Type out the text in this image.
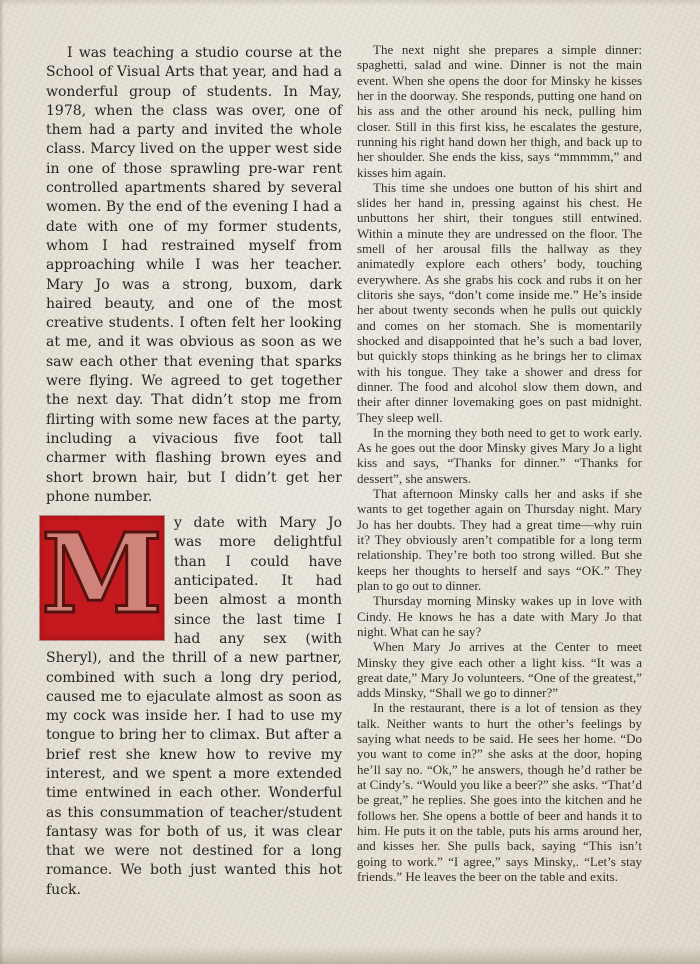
I was teaching a studio course at the School of Visual Arts that year, and had a wonderful group of students. In May, 1978, when the class was over, one of them had a party and invited the whole class. Marcy lived on the upper west side in one of those sprawling pre-war rent controlled apartments shared by several women. By the end of the evening I had a date with one of my former students, whom I had restrained myself from approaching while I was her teacher. Mary Jo was a strong, buxom, dark haired beauty, and one of the most creative students. I often felt her looking at me, and it was obvious as soon as we saw each other that evening that sparks were flying. We agreed to get together the next day. That didn’t stop me from flirting with some new faces at the party, including a vivacious five foot tall charmer with flashing brown eyes and short brown hair, but I didn’t get her phone number.

M y date with Mary Jo was more delightful than I could have anticipated. It had been almost a month since the last time I had any sex (with Sheryl), and the thrill of a new partner, combined with such a long dry period, caused me to ejaculate almost as soon as my cock was inside her. I had to use my tongue to bring her to climax. But after a brief rest she knew how to revive my interest, and we spent a more extended time entwined in each other. Wonderful as this consummation of teacher/student fantasy was for both of us, it was clear that we were not destined for a long romance. We both just wanted this hot fuck.

The next night she prepares a simple dinner: spaghetti, salad and wine. Dinner is not the main event. When she opens the door for Minsky he kisses her in the doorway. She responds, putting one hand on his ass and the other around his neck, pulling him closer. Still in this first kiss, he escalates the gesture, running his right hand down her thigh, and back up to her shoulder. She ends the kiss, says “mmmmm,” and kisses him again.

This time she undoes one button of his shirt and slides her hand in, pressing against his chest. He unbuttons her shirt, their tongues still entwined. Within a minute they are undressed on the floor. The smell of her arousal fills the hallway as they animatedly explore each others’ body, touching everywhere. As she grabs his cock and rubs it on her clitoris she says, “don’t come inside me.” He’s inside her about twenty seconds when he pulls out quickly and comes on her stomach. She is momentarily shocked and disappointed that he’s such a bad lover, but quickly stops thinking as he brings her to climax with his tongue. They take a shower and dress for dinner. The food and alcohol slow them down, and their after dinner lovemaking goes on past midnight. They sleep well.

In the morning they both need to get to work early. As he goes out the door Minsky gives Mary Jo a light kiss and says, “Thanks for dinner.” “Thanks for dessert”, she answers.

That afternoon Minsky calls her and asks if she wants to get together again on Thursday night. Mary Jo has her doubts. They had a great time—why ruin it? They obviously aren’t compatible for a long term relationship. They’re both too strong willed. But she keeps her thoughts to herself and says “OK.” They plan to go out to dinner.

Thursday morning Minsky wakes up in love with Cindy. He knows he has a date with Mary Jo that night. What can he say?

When Mary Jo arrives at the Center to meet Minsky they give each other a light kiss. “It was a great date,” Mary Jo volunteers. “One of the greatest,” adds Minsky, “Shall we go to dinner?”

In the restaurant, there is a lot of tension as they talk. Neither wants to hurt the other’s feelings by saying what needs to be said. He sees her home. “Do you want to come in?” she asks at the door, hoping he’ll say no. “Ok,” he answers, though he’d rather be at Cindy’s. “Would you like a beer?” she asks. “That’d be great,” he replies. She goes into the kitchen and he follows her. She opens a bottle of beer and hands it to him. He puts it on the table, puts his arms around her, and kisses her. She pulls back, saying “This isn’t going to work.” “I agree,” says Minsky,. “Let’s stay friends.” He leaves the beer on the table and exits.
